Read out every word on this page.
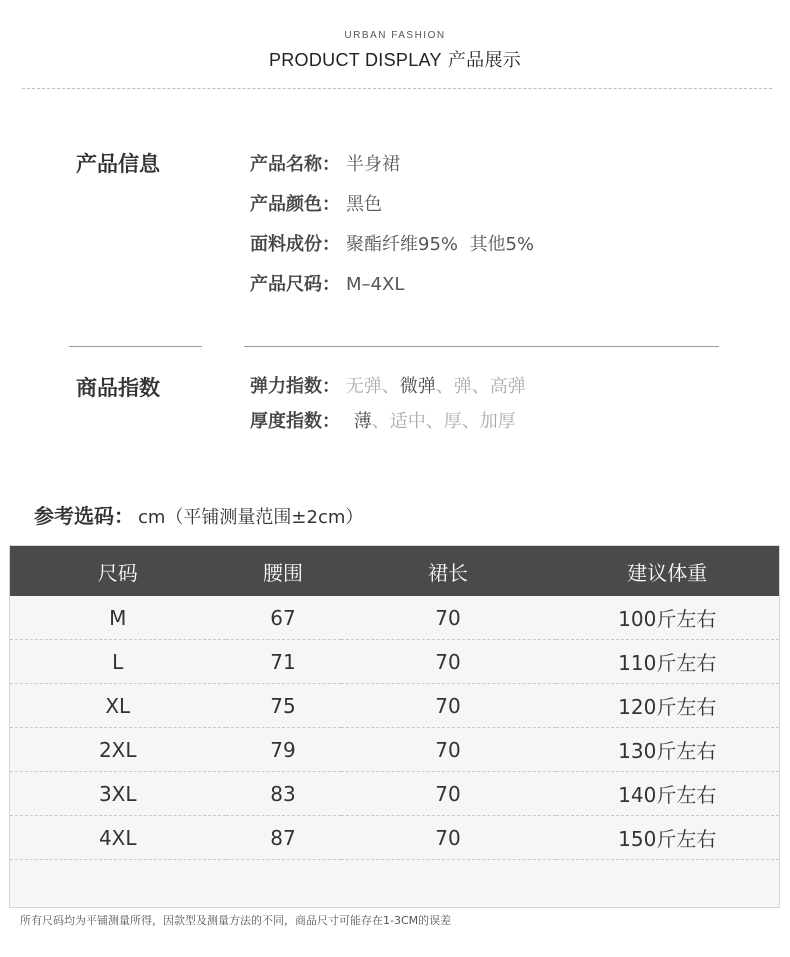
URBAN FASHION
PRODUCT DISPLAY 产品展示
产品信息	产品名称： 半身裙
产品颜色： 黑色
面料成份： 聚酯纤维95%  其他5%
产品尺码： M–4XL
商品指数	弹力指数： 无弹、微弹、弹、高弹
厚度指数： 薄、适中、厚、加厚
参考选码： cm（平铺测量范围±2cm）
尺码	腰围	裙长	建议体重
M	67	70	100斤左右
L	71	70	110斤左右
XL	75	70	120斤左右
2XL	79	70	130斤左右
3XL	83	70	140斤左右
4XL	87	70	150斤左右

所有尺码均为平铺测量所得，因款型及测量方法的不同，商品尺寸可能存在1-3CM的误差
